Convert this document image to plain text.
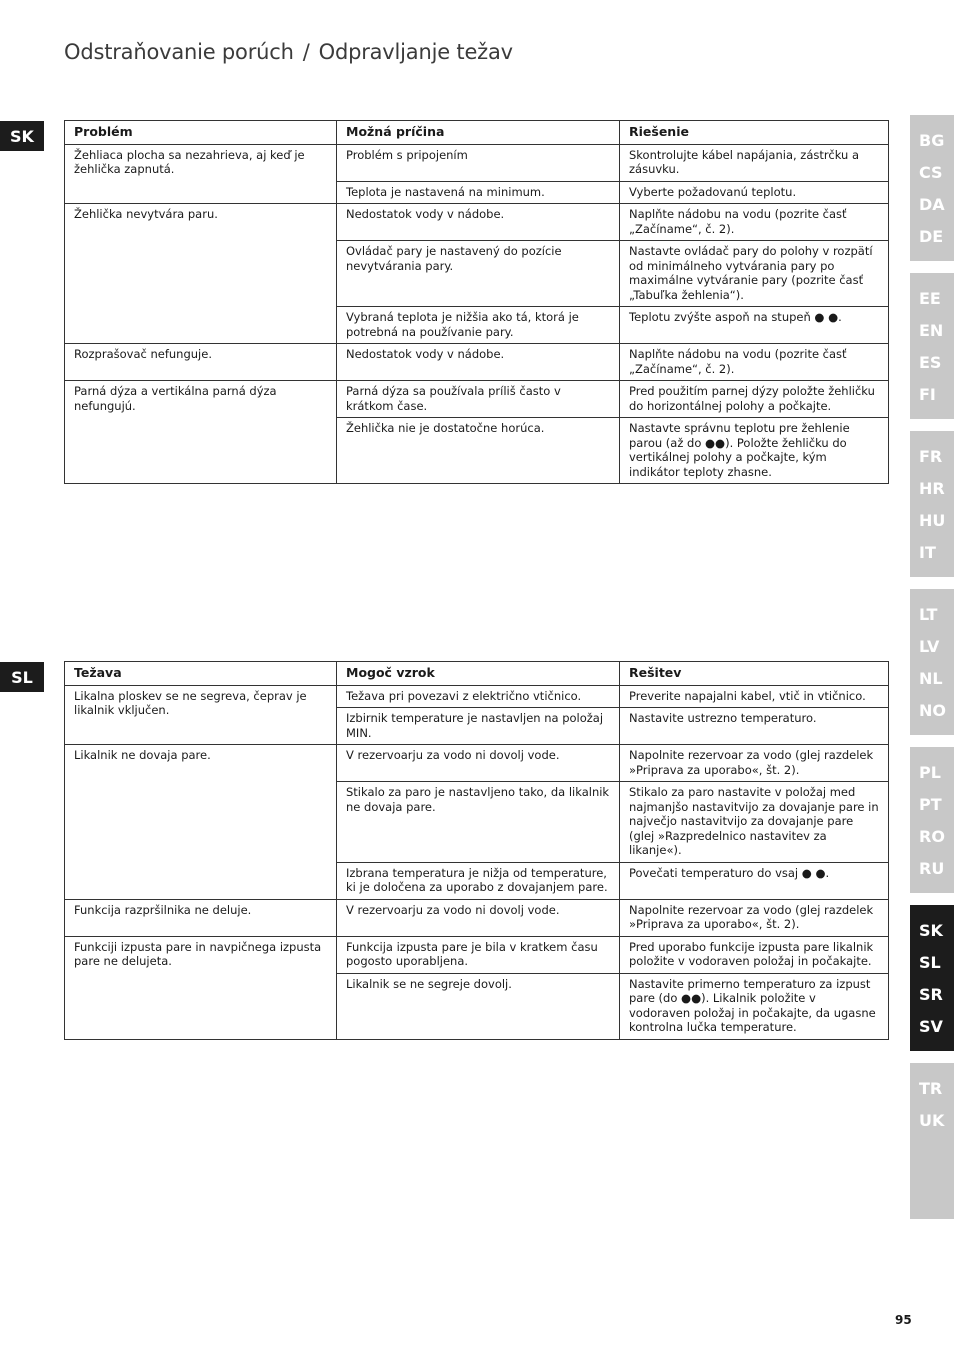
Odstraňovanie porúch / Odpravljanje težav
SK	Problém	Možná príčina	Riešenie
Žehliaca plocha sa nezahrieva, aj keď je žehlička zapnutá.	Problém s pripojením	Skontrolujte kábel napájania, zástrčku a zásuvku.
	Teplota je nastavená na minimum.	Vyberte požadovanú teplotu.
Žehlička nevytvára paru.	Nedostatok vody v nádobe.	Naplňte nádobu na vodu (pozrite časť „Začíname“, č. 2).
	Ovládač pary je nastavený do pozície nevytvárania pary.	Nastavte ovládač pary do polohy v rozpätí od minimálneho vytvárania pary po maximálne vytváranie pary (pozrite časť „Tabuľka žehlenia“).
	Vybraná teplota je nižšia ako tá, ktorá je potrebná na používanie pary.	Teplotu zvýšte aspoň na stupeň ● ●.
Rozprašovač nefunguje.	Nedostatok vody v nádobe.	Naplňte nádobu na vodu (pozrite časť „Začíname“, č. 2).
Parná dýza a vertikálna parná dýza nefungujú.	Parná dýza sa používala príliš často v krátkom čase.	Pred použitím parnej dýzy položte žehličku do horizontálnej polohy a počkajte.
	Žehlička nie je dostatočne horúca.	Nastavte správnu teplotu pre žehlenie parou (až do ●●). Položte žehličku do vertikálnej polohy a počkajte, kým indikátor teploty zhasne.
SL	Težava	Mogoč vzrok	Rešitev
Likalna ploskev se ne segreva, čeprav je likalnik vključen.	Težava pri povezavi z električno vtičnico.	Preverite napajalni kabel, vtič in vtičnico.
	Izbirnik temperature je nastavljen na položaj MIN.	Nastavite ustrezno temperaturo.
Likalnik ne dovaja pare.	V rezervoarju za vodo ni dovolj vode.	Napolnite rezervoar za vodo (glej razdelek »Priprava za uporabo«, št. 2).
	Stikalo za paro je nastavljeno tako, da likalnik ne dovaja pare.	Stikalo za paro nastavite v položaj med najmanjšo nastavitvijo za dovajanje pare in največjo nastavitvijo za dovajanje pare (glej »Razpredelnico nastavitev za likanje«).
	Izbrana temperatura je nižja od temperature, ki je določena za uporabo z dovajanjem pare.	Povečati temperaturo do vsaj ● ●.
Funkcija razpršilnika ne deluje.	V rezervoarju za vodo ni dovolj vode.	Napolnite rezervoar za vodo (glej razdelek »Priprava za uporabo«, št. 2).
Funkciji izpusta pare in navpičnega izpusta pare ne delujeta.	Funkcija izpusta pare je bila v kratkem času pogosto uporabljena.	Pred uporabo funkcije izpusta pare likalnik položite v vodoraven položaj in počakajte.
	Likalnik se ne segreje dovolj.	Nastavite primerno temperaturo za izpust pare (do ●●). Likalnik položite v vodoraven položaj in počakajte, da ugasne kontrolna lučka temperature.
BG
CS
DA
DE
EE
EN
ES
FI
FR
HR
HU
IT
LT
LV
NL
NO
PL
PT
RO
RU
SK
SL
SR
SV
TR
UK
95
